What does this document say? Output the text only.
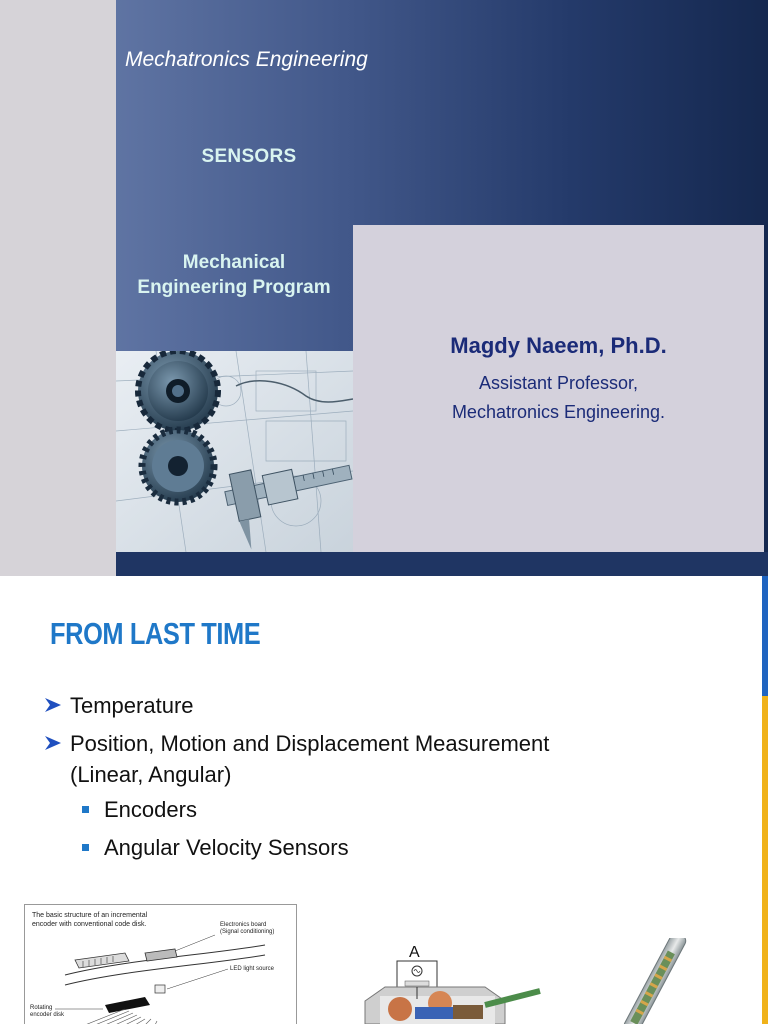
Mechatronics Engineering
SENSORS
Mechanical
Engineering Program
Magdy Naeem, Ph.D.
Assistant Professor,
Mechatronics Engineering.
FROM LAST TIME
Temperature
Position, Motion and Displacement Measurement
(Linear, Angular)
Encoders
Angular Velocity Sensors
The basic structure of an incremental
encoder with conventional code disk.	Electronics board
(Signal conditioning)
LED light source
Rotating
encoder disk
A
